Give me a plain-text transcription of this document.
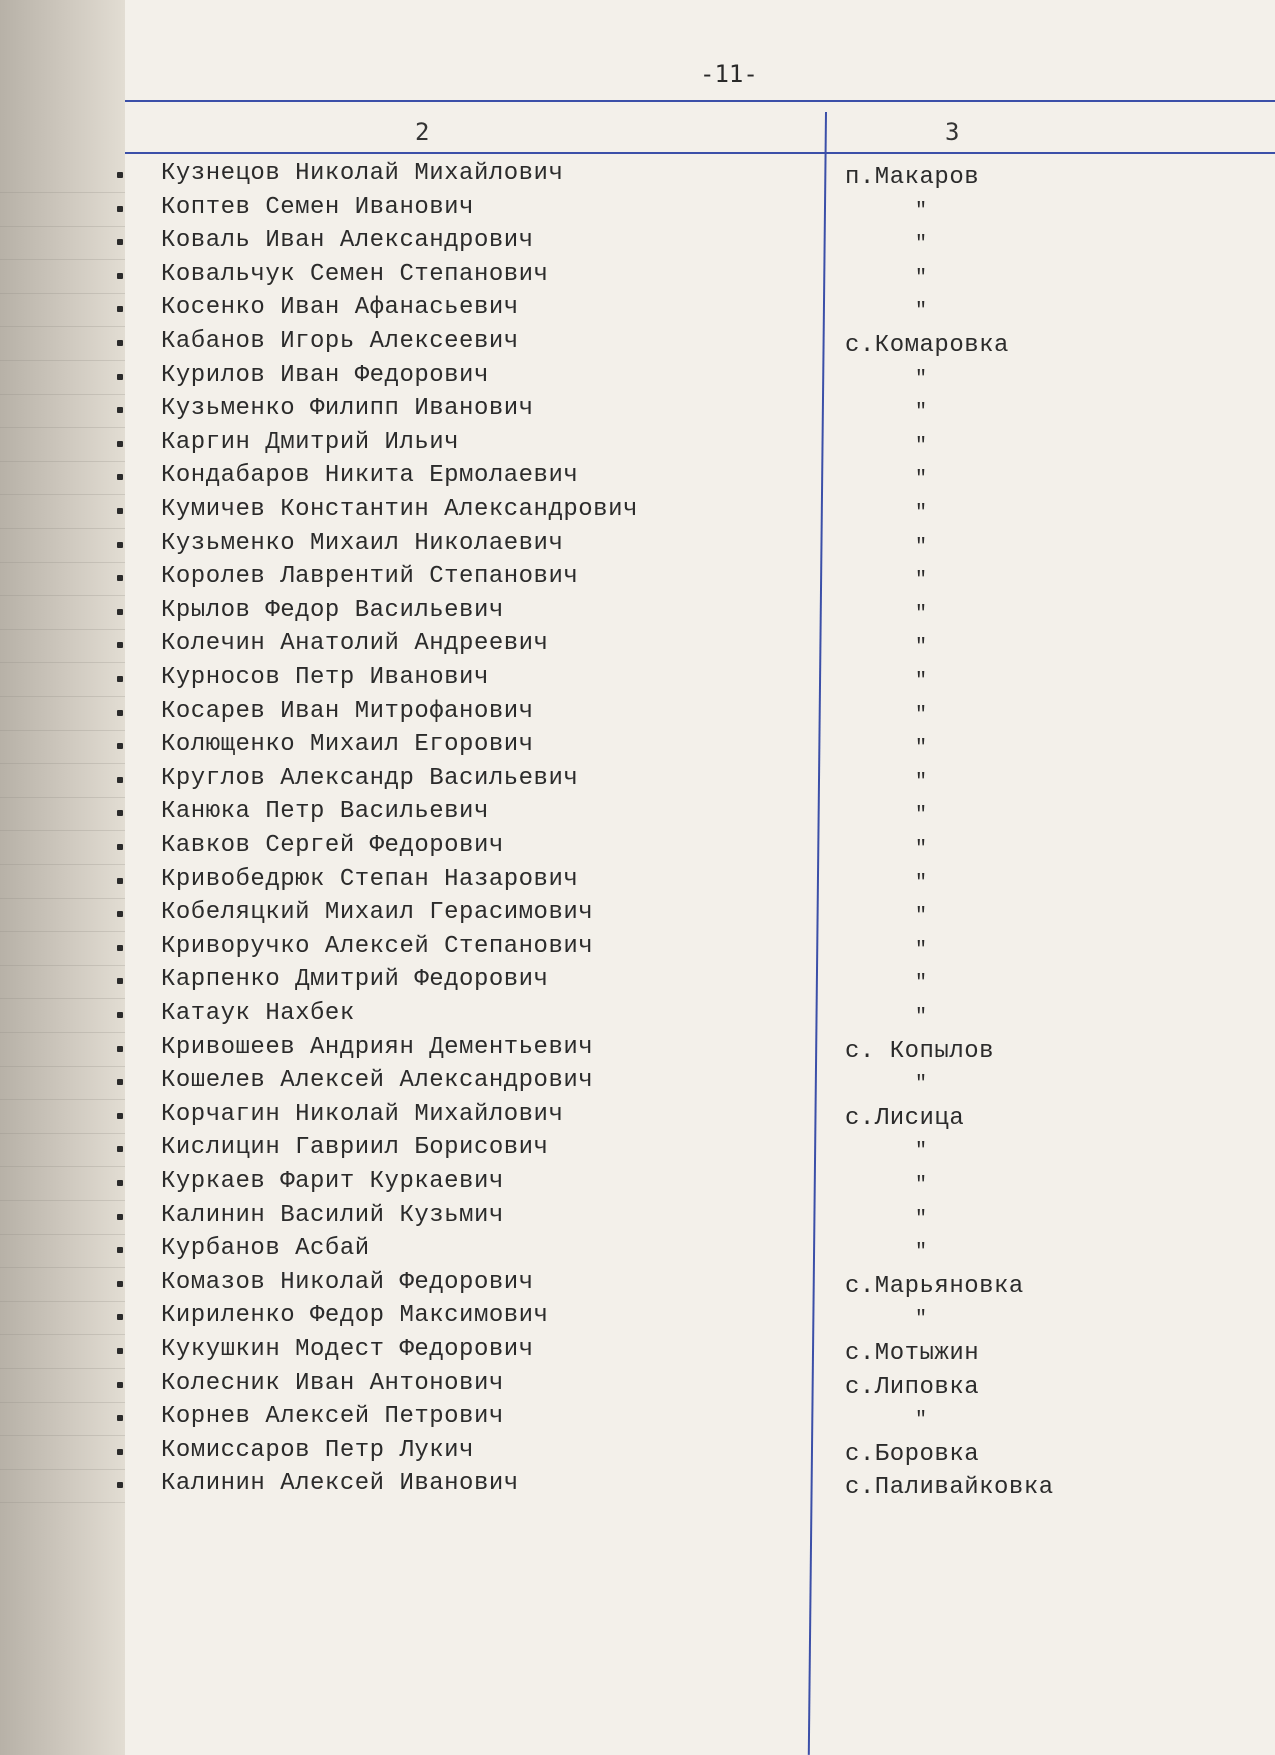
-11-
2	3
Кузнецов Николай Михайлович	п.Макаров
Коптев Семен Иванович	"
Коваль Иван Александрович	"
Ковальчук Семен Степанович	"
Косенко Иван Афанасьевич	"
Кабанов Игорь Алексеевич	с.Комаровка
Курилов Иван Федорович	"
Кузьменко Филипп Иванович	"
Каргин Дмитрий Ильич	"
Кондабаров Никита Ермолаевич	"
Кумичев Константин Александрович	"
Кузьменко Михаил Николаевич	"
Королев Лаврентий Степанович	"
Крылов Федор Васильевич	"
Колечин Анатолий Андреевич	"
Курносов Петр Иванович	"
Косарев Иван Митрофанович	"
Колющенко Михаил Егорович	"
Круглов Александр Васильевич	"
Канюка Петр Васильевич	"
Кавков Сергей Федорович	"
Кривобедрюк Степан Назарович	"
Кобеляцкий Михаил Герасимович	"
Криворучко Алексей Степанович	"
Карпенко Дмитрий Федорович	"
Катаук Нахбек	"
Кривошеев Андриян Дементьевич	с. Копылов
Кошелев Алексей Александрович	"
Корчагин Николай Михайлович	с.Лисица
Кислицин Гавриил Борисович	"
Куркаев Фарит Куркаевич	"
Калинин Василий Кузьмич	"
Курбанов Асбай	"
Комазов Николай Федорович	с.Марьяновка
Кириленко Федор Максимович	"
Кукушкин Модест Федорович	с.Мотыжин
Колесник Иван Антонович	с.Липовка
Корнев Алексей Петрович	"
Комиссаров Петр Лукич	с.Боровка
Калинин Алексей Иванович	с.Паливайковка
